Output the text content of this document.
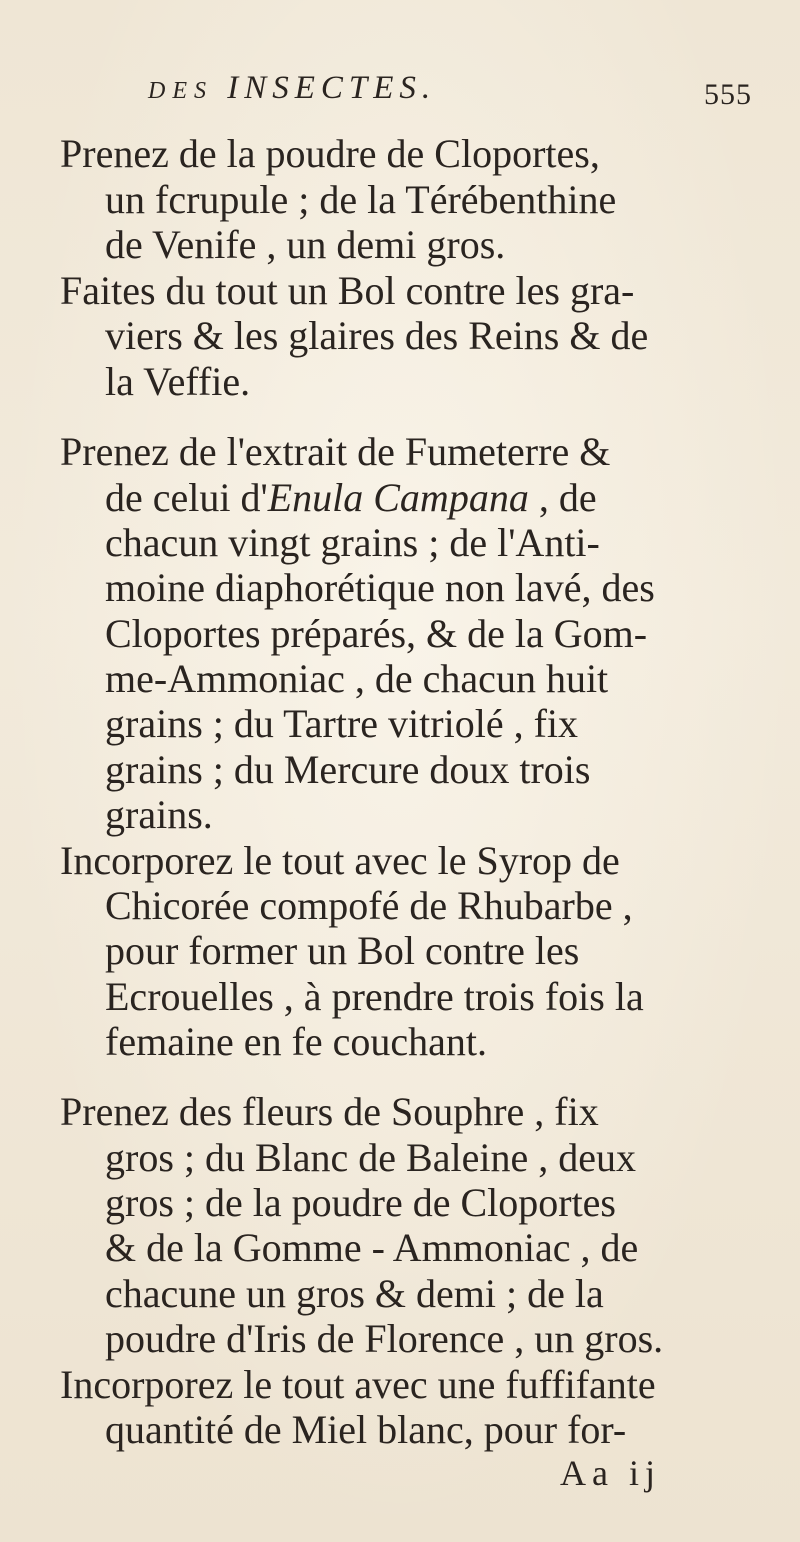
DES INSECTES.	555
Prenez de la poudre de Cloportes,
un fcrupule ; de la Térébenthine
de Venife , un demi gros.
Faites du tout un Bol contre les gra-
viers & les glaires des Reins & de
la Veffie.
Prenez de l'extrait de Fumeterre &
de celui d'Enula Campana , de
chacun vingt grains ; de l'Anti-
moine diaphorétique non lavé, des
Cloportes préparés, & de la Gom-
me-Ammoniac , de chacun huit
grains ; du Tartre vitriolé , fix
grains ; du Mercure doux trois
grains.
Incorporez le tout avec le Syrop de
Chicorée compofé de Rhubarbe ,
pour former un Bol contre les
Ecrouelles , à prendre trois fois la
femaine en fe couchant.
Prenez des fleurs de Souphre , fix
gros ; du Blanc de Baleine , deux
gros ; de la poudre de Cloportes
& de la Gomme - Ammoniac , de
chacune un gros & demi ; de la
poudre d'Iris de Florence , un gros.
Incorporez le tout avec une fuffifante
quantité de Miel blanc, pour for-
Aa ij
